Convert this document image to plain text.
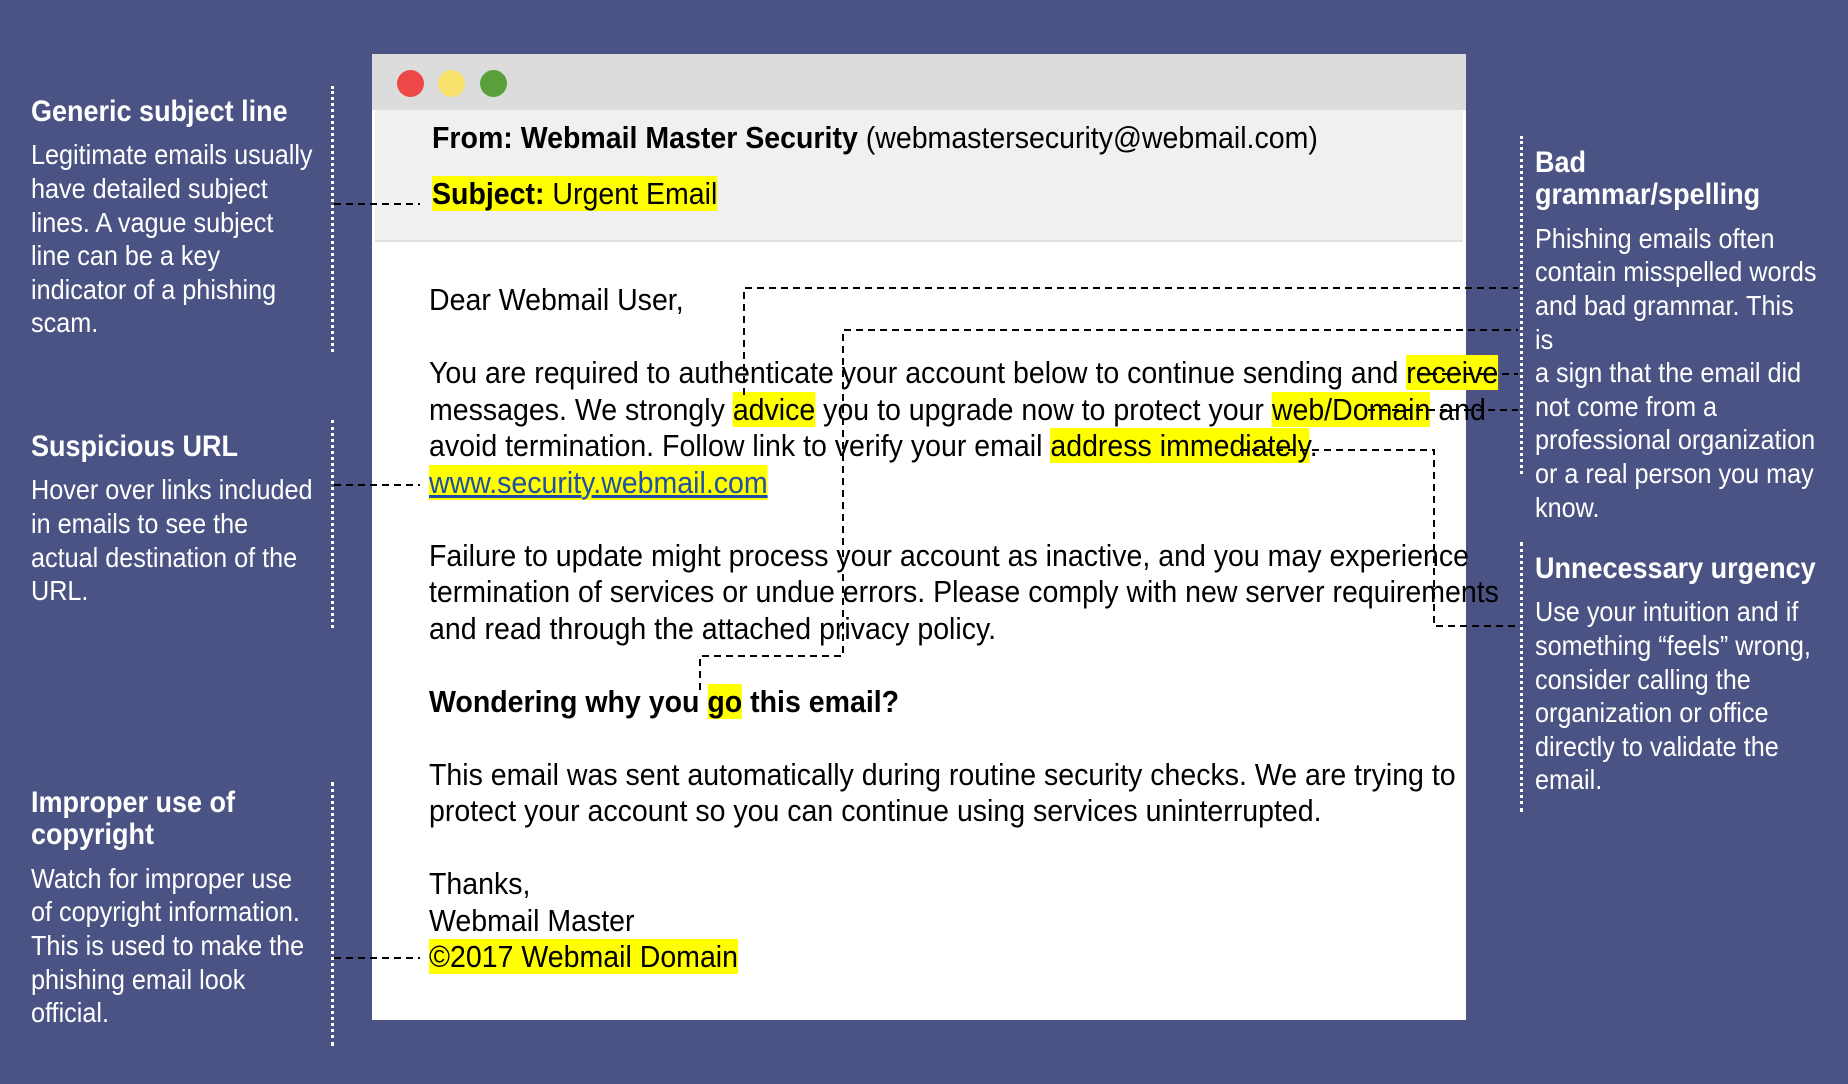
Generic subject line

Legitimate emails usually
have detailed subject
lines. A vague subject
line can be a key
indicator of a phishing
scam.

Suspicious URL

Hover over links included
in emails to see the
actual destination of the
URL.

Improper use of
copyright

Watch for improper use
of copyright information.
This is used to make the
phishing email look
official.

Bad grammar/spelling

Phishing emails often
contain misspelled words
and bad grammar. This is
a sign that the email did
not come from a
professional organization
or a real person you may
know.

Unnecessary urgency

Use your intuition and if
something “feels” wrong,
consider calling the
organization or office
directly to validate the
email.

From: Webmail Master Security (webmastersecurity@webmail.com)
Subject: Urgent Email
Dear Webmail User,
You are required to authenticate your account below to continue sending and receive
messages. We strongly advice you to upgrade now to protect your web/Domain and
avoid termination. Follow link to verify your email address immediately.
www.security.webmail.com
Failure to update might process your account as inactive, and you may experience
termination of services or undue errors. Please comply with new server requirements
and read through the attached privacy policy.
Wondering why you go this email?
This email was sent automatically during routine security checks. We are trying to
protect your account so you can continue using services uninterrupted.
Thanks,
Webmail Master
©2017 Webmail Domain
